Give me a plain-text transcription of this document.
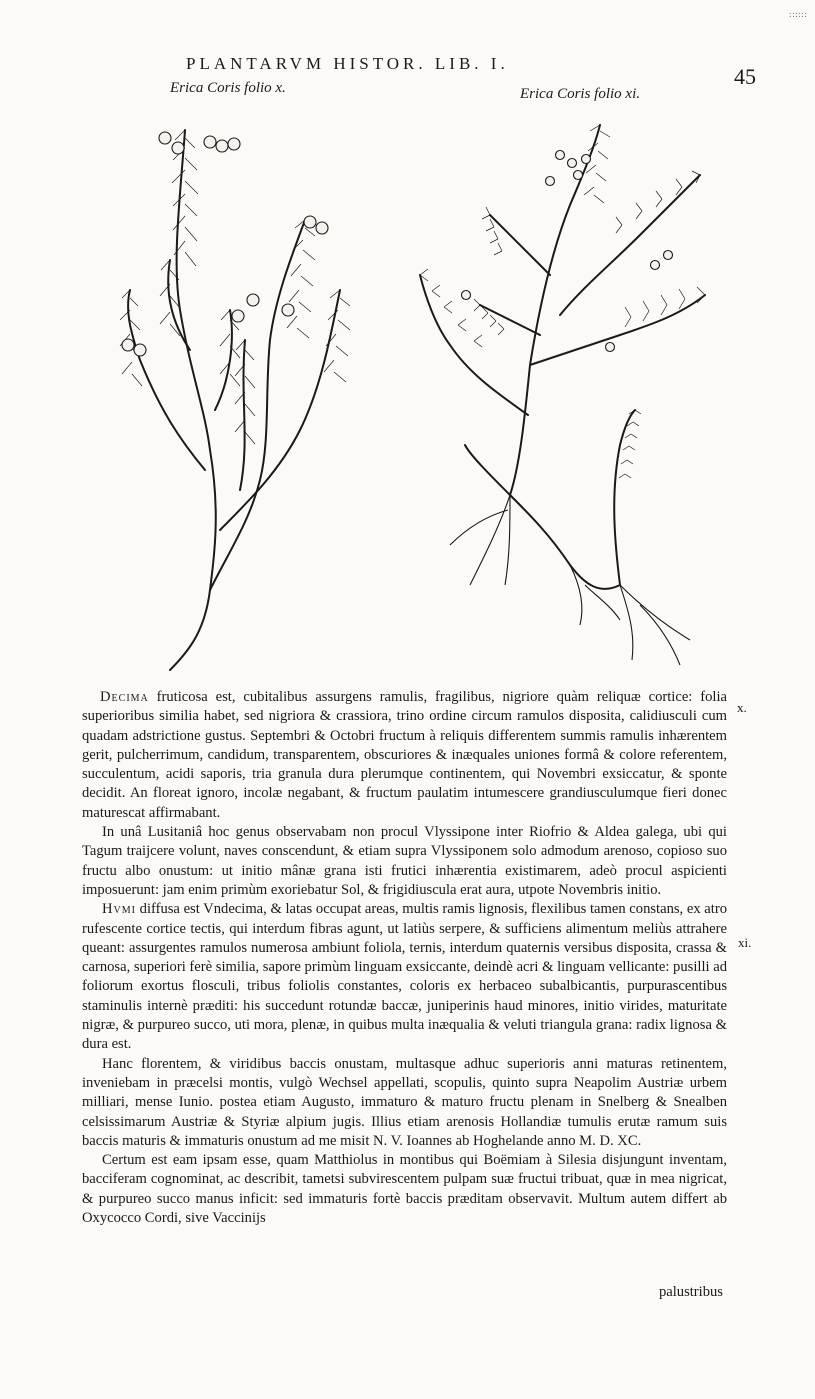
::::::
PLANTARVM HISTOR. LIB. I.
45
Erica Coris folio x.	Erica Coris folio xi.
x.
xi.

Decima fruticosa est, cubitalibus assurgens ramulis, fragilibus, nigriore quàm reliquæ cortice: folia superioribus similia habet, sed nigriora & crassiora, trino ordine circum ramulos disposita, calidiusculi cum quadam adstrictione gustus. Septembri & Octobri fructum à reliquis differentem summis ramulis inhærentem gerit, pulcherrimum, candidum, transparentem, obscuriores & inæquales uniones formâ & colore referentem, succulentum, acidi saporis, tria granula dura plerumque continentem, qui Novembri exsiccatur, & sponte decidit. An floreat ignoro, incolæ negabant, & fructum paulatim intumescere grandiusculumque fieri donec maturescat affirmabant.

In unâ Lusitaniâ hoc genus observabam non procul Vlyssipone inter Riofrio & Aldea galega, ubi qui Tagum traijcere volunt, naves conscendunt, & etiam supra Vlyssiponem solo admodum arenoso, copioso suo fructu albo onustum: ut initio mânæ grana isti frutici inhærentia existimarem, adeò procul aspicienti imposuerunt: jam enim primùm exoriebatur Sol, & frigidiuscula erat aura, utpote Novembris initio.

Hvmi diffusa est Vndecima, & latas occupat areas, multis ramis lignosis, flexilibus tamen constans, ex atro rufescente cortice tectis, qui interdum fibras agunt, ut latiùs serpere, & sufficiens alimentum meliùs attrahere queant: assurgentes ramulos numerosa ambiunt foliola, ternis, interdum quaternis versibus disposita, crassa & carnosa, superiori ferè similia, sapore primùm linguam exsiccante, deindè acri & linguam vellicante: pusilli ad foliorum exortus flosculi, tribus foliolis constantes, coloris ex herbaceo subalbicantis, purpurascentibus staminulis internè præditi: his succedunt rotundæ baccæ, juniperinis haud minores, initio virides, maturitate nigræ, & purpureo succo, uti mora, plenæ, in quibus multa inæqualia & veluti triangula grana: radix lignosa & dura est.

Hanc florentem, & viridibus baccis onustam, multasque adhuc superioris anni maturas retinentem, inveniebam in præcelsi montis, vulgò Wechsel appellati, scopulis, quinto supra Neapolim Austriæ urbem milliari, mense Iunio. postea etiam Augusto, immaturo & maturo fructu plenam in Snelberg & Snealben celsissimarum Austriæ & Styriæ alpium jugis. Illius etiam arenosis Hollandiæ tumulis erutæ ramum suis baccis maturis & immaturis onustum ad me misit N. V. Ioannes ab Hoghelande anno M. D. XC.

Certum est eam ipsam esse, quam Matthiolus in montibus qui Boëmiam à Silesia disjungunt inventam, bacciferam cognominat, ac describit, tametsi subvirescentem pulpam suæ fructui tribuat, quæ in mea nigricat, & purpureo succo manus inficit: sed immaturis fortè baccis præditam observavit. Multum autem differt ab Oxycocco Cordi, sive Vaccinijs

palustribus
